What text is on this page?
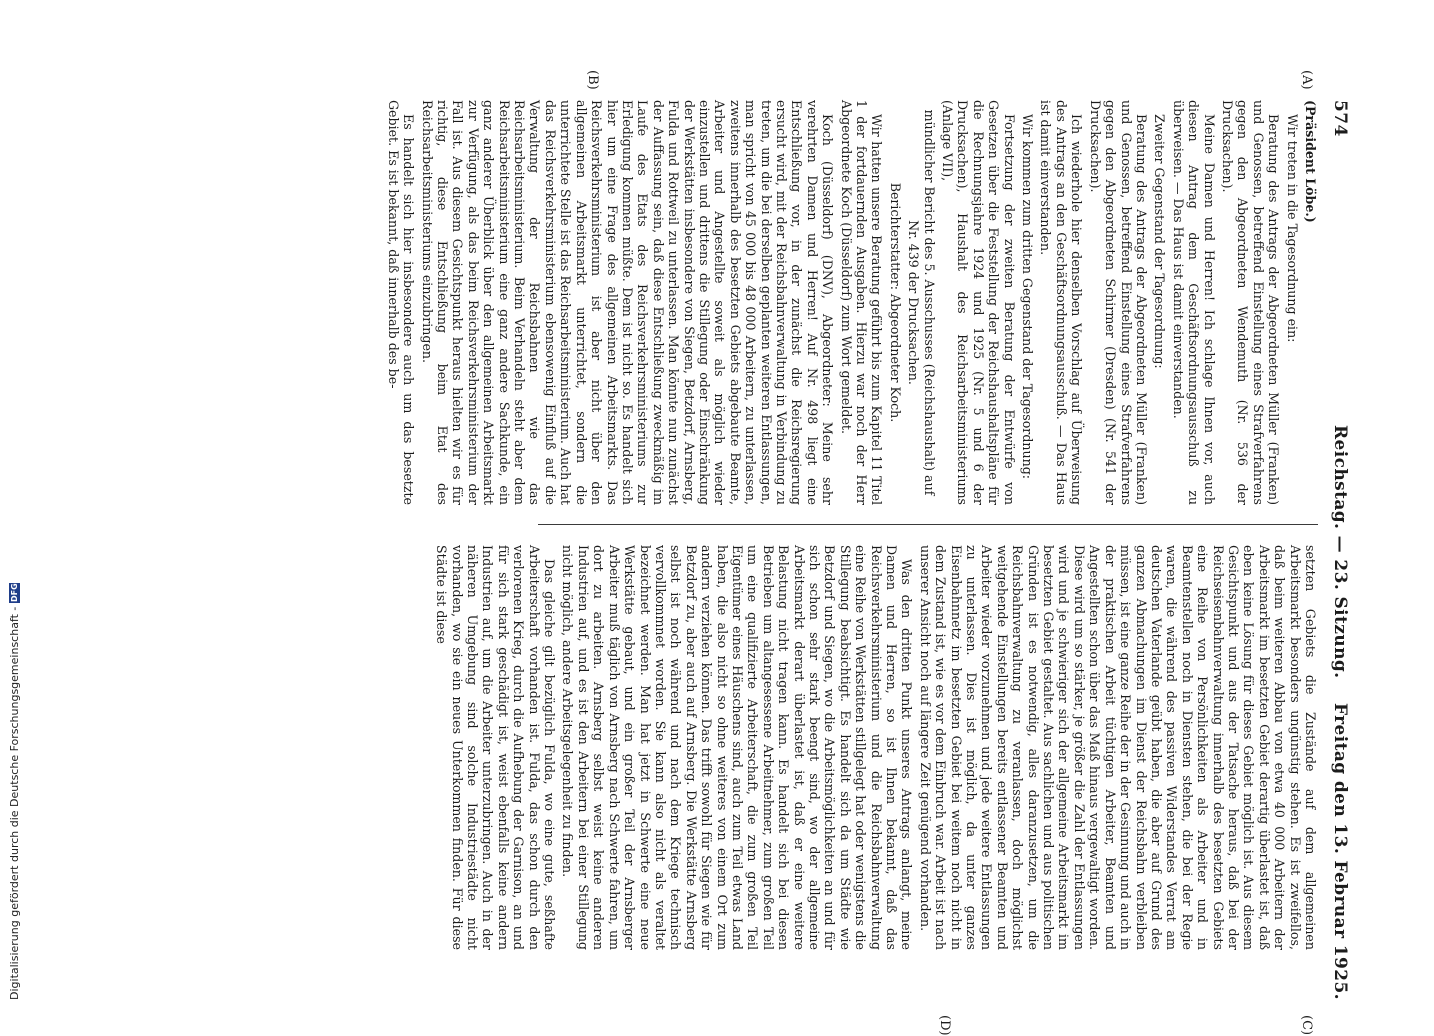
574
Reichstag. — 23. Sitzung.
Freitag den 13. Februar 1925.
(A)
(B)
(C)
(D)

(Präsident Löbe.)

Wir treten in die Tagesordnung ein:

Beratung des Antrags der Abgeordneten Müller (Franken) und Genossen, betreffend Einstellung eines Strafverfahrens gegen den Abgeordneten Wendemuth (Nr. 536 der Drucksachen).

Meine Damen und Herren! Ich schlage Ihnen vor, auch diesen Antrag dem Geschäftsordnungsausschuß zu überweisen. — Das Haus ist damit einverstanden.

Zweiter Gegenstand der Tagesordnung:

Beratung des Antrags der Abgeordneten Müller (Franken) und Genossen, betreffend Einstellung eines Strafverfahrens gegen den Abgeordneten Schirmer (Dresden) (Nr. 541 der Drucksachen).

Ich wiederhole hier denselben Vorschlag auf Überweisung des Antrags an den Geschäftsordnungsausschuß. — Das Haus ist damit einverstanden.

Wir kommen zum dritten Gegenstand der Tagesordnung:

Fortsetzung der zweiten Beratung der Entwürfe von Gesetzen über die Feststellung der Reichshaushaltspläne für die Rechnungsjahre 1924 und 1925 (Nr. 5 und 6 der Drucksachen), Haushalt des Reichsarbeitsministeriums (Anlage VII),

mündlicher Bericht des 5. Ausschusses (Reichshaushalt) auf Nr. 439 der Drucksachen.

Berichterstatter: Abgeordneter Koch.

Wir hatten unsere Beratung geführt bis zum Kapitel 11 Titel 1 der fortdauernden Ausgaben. Hierzu war noch der Herr Abgeordnete Koch (Düsseldorf) zum Wort gemeldet.

Koch (Düsseldorf) (DNV), Abgeordneter: Meine sehr verehrten Damen und Herren! Auf Nr. 498 liegt eine Entschließung vor, in der zunächst die Reichsregierung ersucht wird, mit der Reichsbahnverwaltung in Verbindung zu treten, um die bei derselben geplanten weiteren Entlassungen, man spricht von 45 000 bis 48 000 Arbeitern, zu unterlassen, zweitens innerhalb des besetzten Gebiets abgebaute Beamte, Arbeiter und Angestellte soweit als möglich wieder einzustellen und drittens die Stillegung oder Einschränkung der Werkstätten insbesondere von Siegen, Betzdorf, Arnsberg, Fulda und Rottweil zu unterlassen. Man könnte nun zunächst der Auffassung sein, daß diese Entschließung zweckmäßig im Laufe des Etats des Reichsverkehrsministeriums zur Erledigung kommen müßte. Dem ist nicht so. Es handelt sich hier um eine Frage des allgemeinen Arbeitsmarkts. Das Reichsverkehrsministerium ist aber nicht über den allgemeinen Arbeitsmarkt unterrichtet, sondern die unterrichtete Stelle ist das Reichsarbeitsministerium. Auch hat das Reichsverkehrsministerium ebensowenig Einfluß auf die Verwaltung der Reichsbahnen wie das Reichsarbeitsministerium. Beim Verhandeln steht aber dem Reichsarbeitsministerium eine ganz andere Sachkunde, ein ganz anderer Überblick über den allgemeinen Arbeitsmarkt zur Verfügung, als das beim Reichsverkehrsministerium der Fall ist. Aus diesem Gesichtspunkt heraus hielten wir es für richtig, diese Entschließung beim Etat des Reichsarbeitsministeriums einzubringen.

Es handelt sich hier insbesondere auch um das besetzte Gebiet. Es ist bekannt, daß innerhalb des be-

setzten Gebiets die Zustände auf dem allgemeinen Arbeitsmarkt besonders ungünstig stehen. Es ist zweifellos, daß beim weiteren Abbau von etwa 40 000 Arbeitern der Arbeitsmarkt im besetzten Gebiet derartig überlastet ist, daß eben keine Lösung für dieses Gebiet möglich ist. Aus diesem Gesichtspunkt und aus der Tatsache heraus, daß bei der Reichseisenbahnverwaltung innerhalb des besetzten Gebiets eine Reihe von Persönlichkeiten als Arbeiter und in Beamtenstellen noch in Diensten stehen, die bei der Regie waren, die während des passiven Widerstandes Verrat am deutschen Vaterlande geübt haben, die aber auf Grund des ganzen Abmachungen im Dienst der Reichsbahn verbleiben müssen, ist eine ganze Reihe der in der Gesinnung und auch in der praktischen Arbeit tüchtigen Arbeiter, Beamten und Angestellten schon über das Maß hinaus vergewaltigt worden. Diese wird um so stärker, je größer die Zahl der Entlassungen wird und je schwieriger sich der allgemeine Arbeitsmarkt im besetzten Gebiet gestaltet. Aus sachlichen und aus politischen Gründen ist es notwendig, alles daranzusetzen, um die Reichsbahnverwaltung zu veranlassen, doch möglichst weitgehende Einstellungen bereits entlassener Beamten und Arbeiter wieder vorzunehmen und jede weitere Entlassungen zu unterlassen. Dies ist möglich, da unter ganzes Eisenbahnnetz im besetzten Gebiet bei weitem noch nicht in dem Zustand ist, wie es vor dem Einbruch war. Arbeit ist nach unserer Ansicht noch auf längere Zeit genügend vorhanden.

Was den dritten Punkt unseres Antrags anlangt, meine Damen und Herren, so ist Ihnen bekannt, daß das Reichsverkehrsministerium und die Reichsbahnverwaltung eine Reihe von Werkstätten stillgelegt hat oder wenigstens die Stillegung beabsichtigt. Es handelt sich da um Städte wie Betzdorf und Siegen, wo die Arbeitsmöglichkeiten an und für sich schon sehr stark beengt sind, wo der allgemeine Arbeitsmarkt derart überlastet ist, daß er eine weitere Belastung nicht tragen kann. Es handelt sich bei diesen Betrieben um altangesessene Arbeitnehmer, zum großen Teil um eine qualifizierte Arbeiterschaft, die zum großen Teil Eigentümer eines Häuschens sind, auch zum Teil etwas Land haben, die also nicht so ohne weiteres von einem Ort zum andern verziehen können. Das trifft sowohl für Siegen wie für Betzdorf zu, aber auch auf Arnsberg. Die Werkstätte Arnsberg selbst ist noch während und nach dem Kriege technisch vervollkommnet worden. Sie kann also nicht als veraltet bezeichnet werden. Man hat jetzt in Schwerte eine neue Werkstätte gebaut, und ein großer Teil der Arnsberger Arbeiter muß täglich von Arnsberg nach Schwerte fahren, um dort zu arbeiten. Arnsberg selbst weist keine anderen Industrien auf, und es ist den Arbeitern bei einer Stillegung nicht möglich, andere Arbeitsgelegenheit zu finden.

Das gleiche gilt bezüglich Fulda, wo eine gute, seßhafte Arbeiterschaft vorhanden ist. Fulda, das schon durch den verlorenen Krieg, durch die Aufhebung der Garnison, an und für sich stark geschädigt ist, weist ebenfalls keine andern Industrien auf, um die Arbeiter unterzubringen. Auch in der näheren Umgebung sind solche Industriestädte nicht vorhanden, wo sie ein neues Unterkommen finden. Für diese Städte ist diese

Digitalisierung gefördert durch die Deutsche Forschungsgemeinschaft -
DFG
